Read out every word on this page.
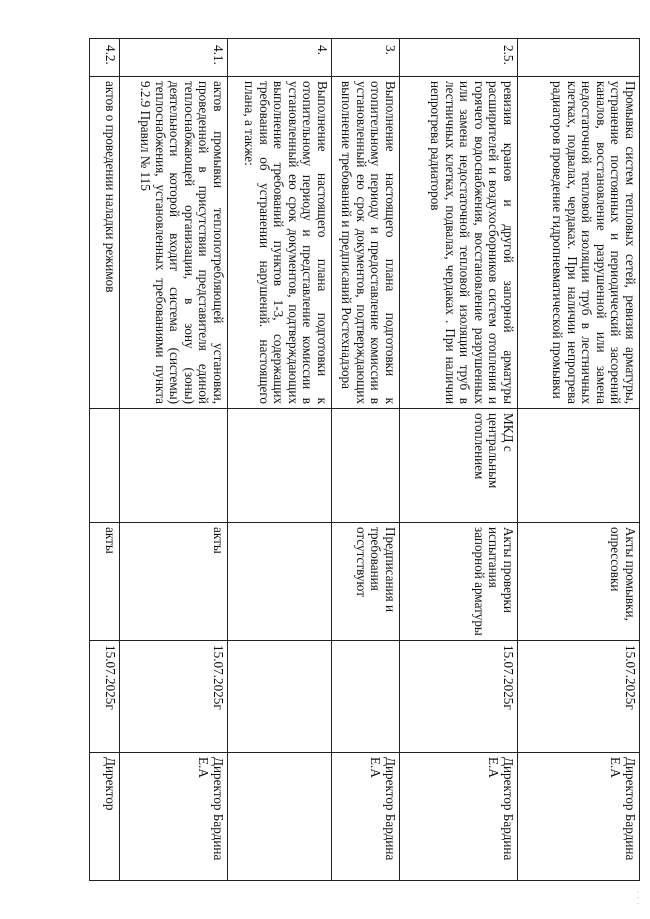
· · ·
	Промывка систем тепловых сетей, ревизия арматуры, устранение постоянных и периодический засорений каналов, восстановление разрушенной или замена недостаточной тепловой изоляции труб в лестничных клетках, подвалах, чердаках. При наличии непрогрева радиаторов проведение гидропневматической промывки		Акты промывки, опрессовки	15.07.2025г	Директор Бардина Е.А
2.5.	ревизия кранов и другой запорной арматуры расширителей и воздухосборников систем отопления и горячего водоснабжения, восстановление разрушенных или замена недостаточной тепловой изоляции труб в лестничных клетках, подвалах, чердаках . При наличии непрогрева радиаторов	МКД с центральным отоплением	Акты проверки испытания запорной арматуры	15.07.2025г	Директор Бардина Е.А
3.	Выполнение настоящего плана подготовки к отопительному периоду и предоставление комиссии в установленный ею срок документов, подтверждающих выполнение требований и предписаний Ростехнадзора		Предписания и требования отсутствуют		Директор Бардина Е.А
4.	Выполнение настоящего плана подготовки к отопительному периоду и представление комиссии в установленный ею срок документов, подтверждающих выполнение требований пунктов 1-3, содержащих требования об устранении нарушений. настоящего плана, а также:				
4.1.	актов промывки теплопотребляющей установки, проведенной в присутствии представителя единой теплоснабжающей организации, в зону (зоны) деятельности которой входит система (системы) теплоснабжения, установленных требованиями пункта 9.2.9 Правил № 115		акты	15.07.2025г	Директор Бардина Е.А
4.2.	актов о проведении наладки режимов		акты	15.07.2025г	Директор
